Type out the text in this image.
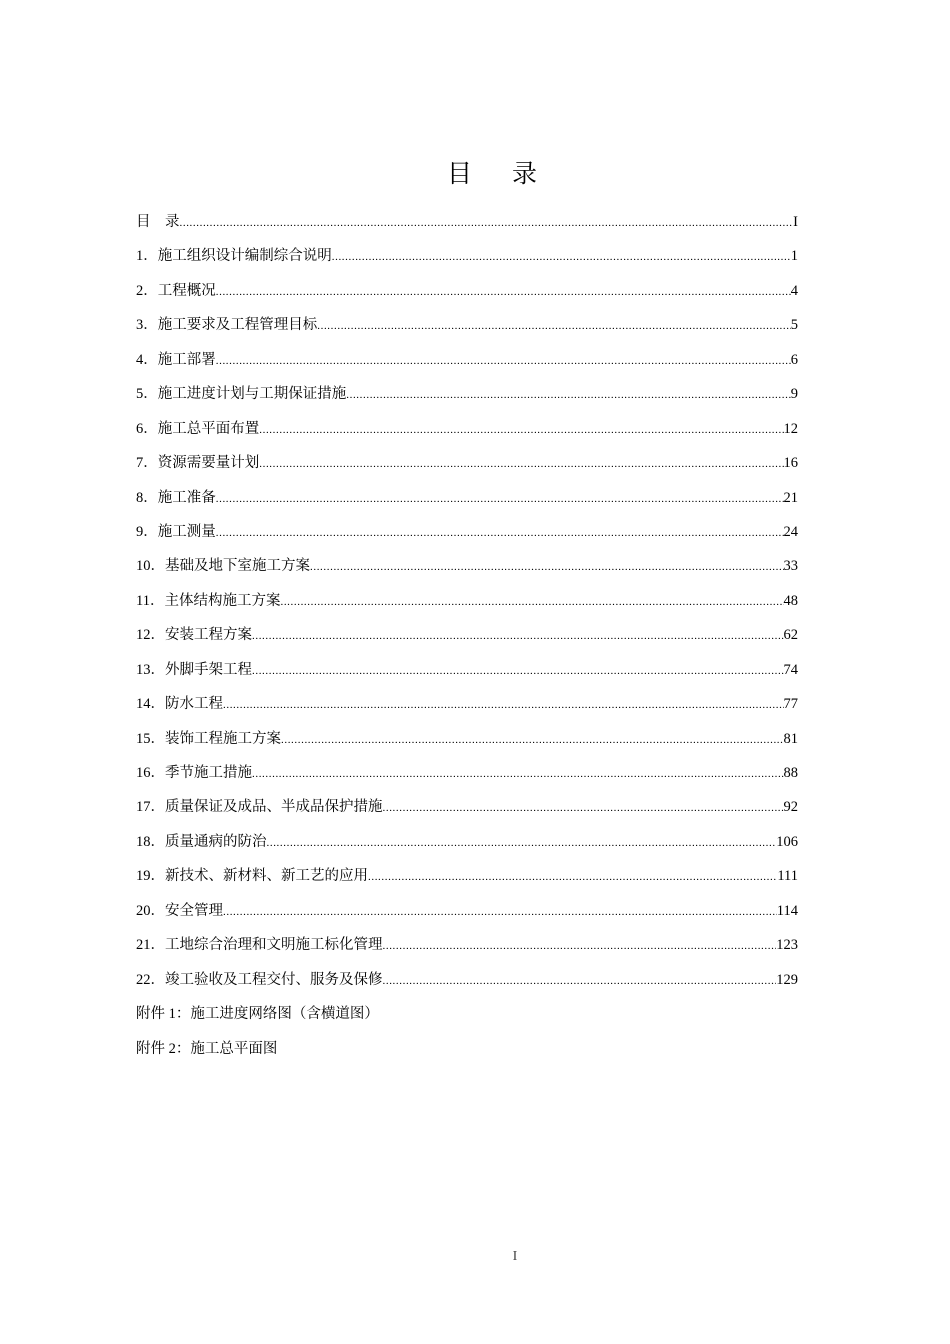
目 录
目　录 .....	I
1．施工组织设计编制综合说明 .....	1
2．工程概况 .....	4
3．施工要求及工程管理目标 .....	5
4．施工部署 .....	6
5．施工进度计划与工期保证措施 .....	9
6．施工总平面布置 .....	12
7．资源需要量计划 .....	16
8．施工准备 .....	21
9．施工测量 .....	24
10．基础及地下室施工方案 .....	33
11．主体结构施工方案 .....	48
12．安装工程方案 .....	62
13．外脚手架工程 .....	74
14．防水工程 .....	77
15．装饰工程施工方案 .....	81
16．季节施工措施 .....	88
17．质量保证及成品、半成品保护措施 .....	92
18．质量通病的防治 .....	106
19．新技术、新材料、新工艺的应用 .....	111
20．安全管理 .....	114
21．工地综合治理和文明施工标化管理 .....	123
22．竣工验收及工程交付、服务及保修 .....	129
附件 1：施工进度网络图（含横道图）
附件 2：施工总平面图
I
